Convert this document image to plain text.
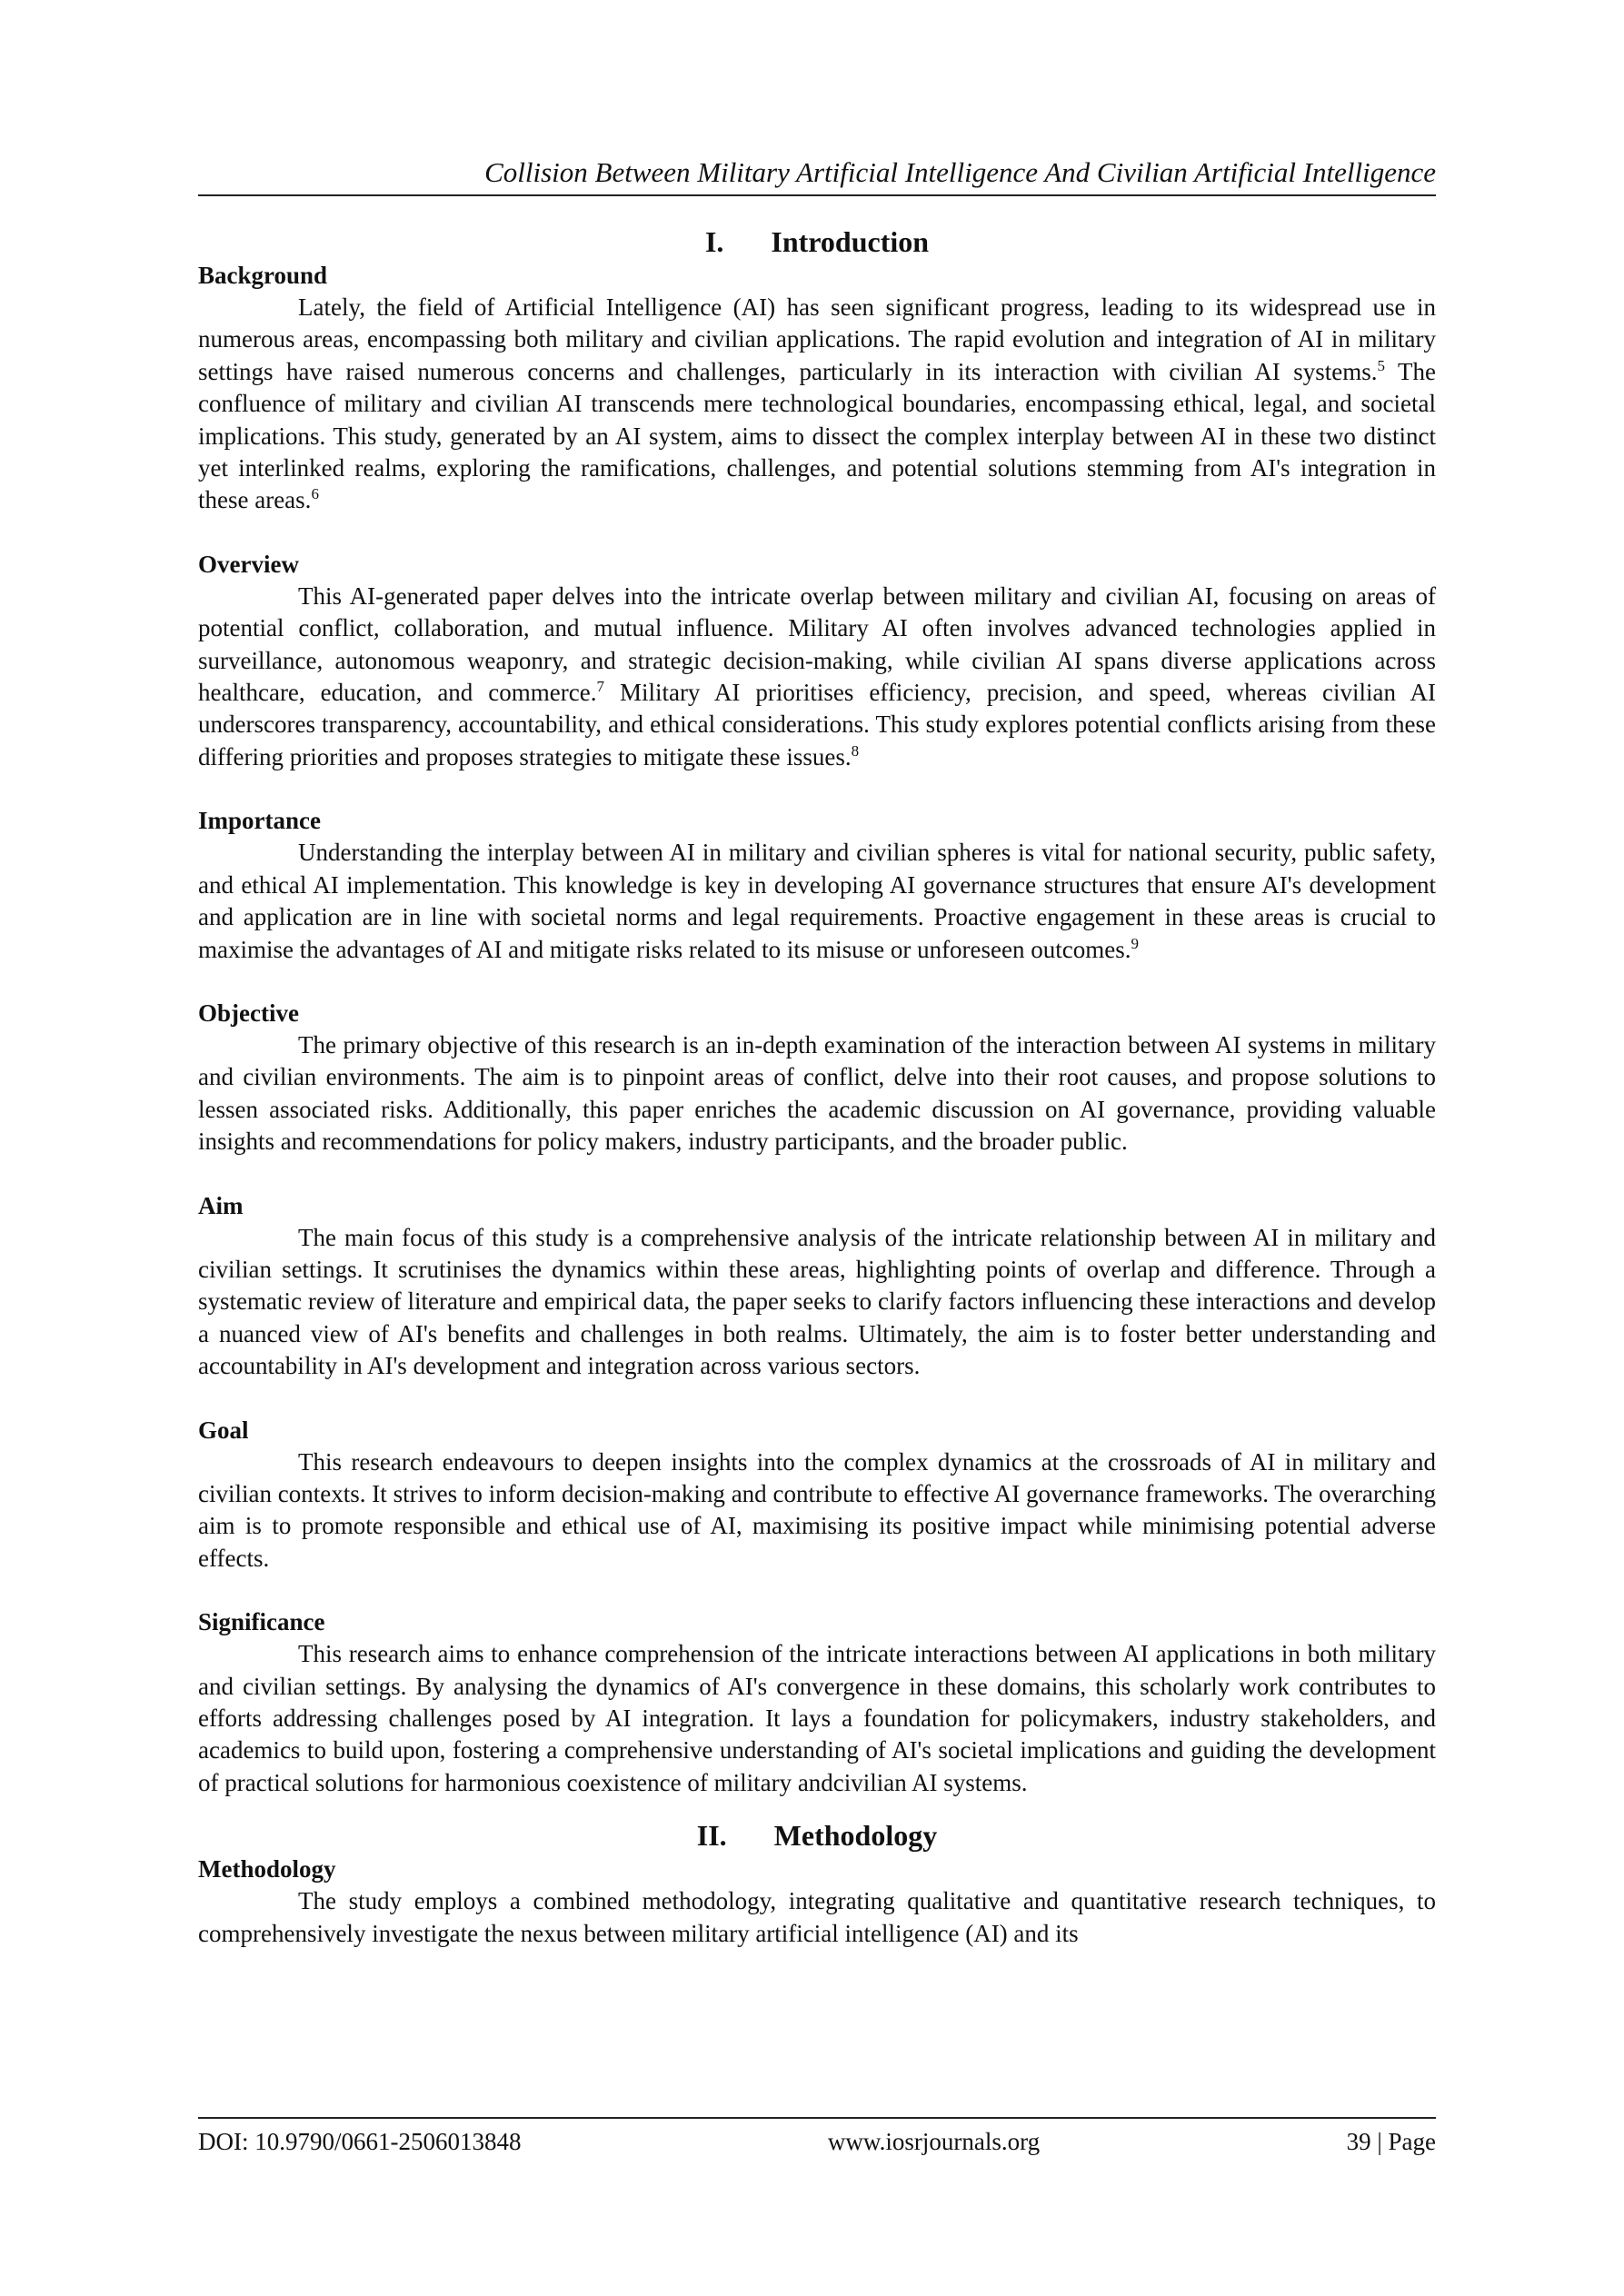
Collision Between Military Artificial Intelligence And Civilian Artificial Intelligence
I. Introduction
Background

Lately, the field of Artificial Intelligence (AI) has seen significant progress, leading to its widespread use in numerous areas, encompassing both military and civilian applications. The rapid evolution and integration of AI in military settings have raised numerous concerns and challenges, particularly in its interaction with civilian AI systems.$^5$ The confluence of military and civilian AI transcends mere technological boundaries, encompassing ethical, legal, and societal implications. This study, generated by an AI system, aims to dissect the complex interplay between AI in these two distinct yet interlinked realms, exploring the ramifications, challenges, and potential solutions stemming from AI's integration in these areas.$^6$

Overview

This AI-generated paper delves into the intricate overlap between military and civilian AI, focusing on areas of potential conflict, collaboration, and mutual influence. Military AI often involves advanced technologies applied in surveillance, autonomous weaponry, and strategic decision-making, while civilian AI spans diverse applications across healthcare, education, and commerce.$^7$ Military AI prioritises efficiency, precision, and speed, whereas civilian AI underscores transparency, accountability, and ethical considerations. This study explores potential conflicts arising from these differing priorities and proposes strategies to mitigate these issues.$^8$

Importance

Understanding the interplay between AI in military and civilian spheres is vital for national security, public safety, and ethical AI implementation. This knowledge is key in developing AI governance structures that ensure AI's development and application are in line with societal norms and legal requirements. Proactive engagement in these areas is crucial to maximise the advantages of AI and mitigate risks related to its misuse or unforeseen outcomes.$^9$

Objective

The primary objective of this research is an in-depth examination of the interaction between AI systems in military and civilian environments. The aim is to pinpoint areas of conflict, delve into their root causes, and propose solutions to lessen associated risks. Additionally, this paper enriches the academic discussion on AI governance, providing valuable insights and recommendations for policy makers, industry participants, and the broader public.

Aim

The main focus of this study is a comprehensive analysis of the intricate relationship between AI in military and civilian settings. It scrutinises the dynamics within these areas, highlighting points of overlap and difference. Through a systematic review of literature and empirical data, the paper seeks to clarify factors influencing these interactions and develop a nuanced view of AI's benefits and challenges in both realms. Ultimately, the aim is to foster better understanding and accountability in AI's development and integration across various sectors.

Goal

This research endeavours to deepen insights into the complex dynamics at the crossroads of AI in military and civilian contexts. It strives to inform decision-making and contribute to effective AI governance frameworks. The overarching aim is to promote responsible and ethical use of AI, maximising its positive impact while minimising potential adverse effects.

Significance

This research aims to enhance comprehension of the intricate interactions between AI applications in both military and civilian settings. By analysing the dynamics of AI's convergence in these domains, this scholarly work contributes to efforts addressing challenges posed by AI integration. It lays a foundation for policymakers, industry stakeholders, and academics to build upon, fostering a comprehensive understanding of AI's societal implications and guiding the development of practical solutions for harmonious coexistence of military andcivilian AI systems.

II. Methodology
Methodology

The study employs a combined methodology, integrating qualitative and quantitative research techniques, to comprehensively investigate the nexus between military artificial intelligence (AI) and its

DOI: 10.9790/0661-2506013848	www.iosrjournals.org	39 | Page
